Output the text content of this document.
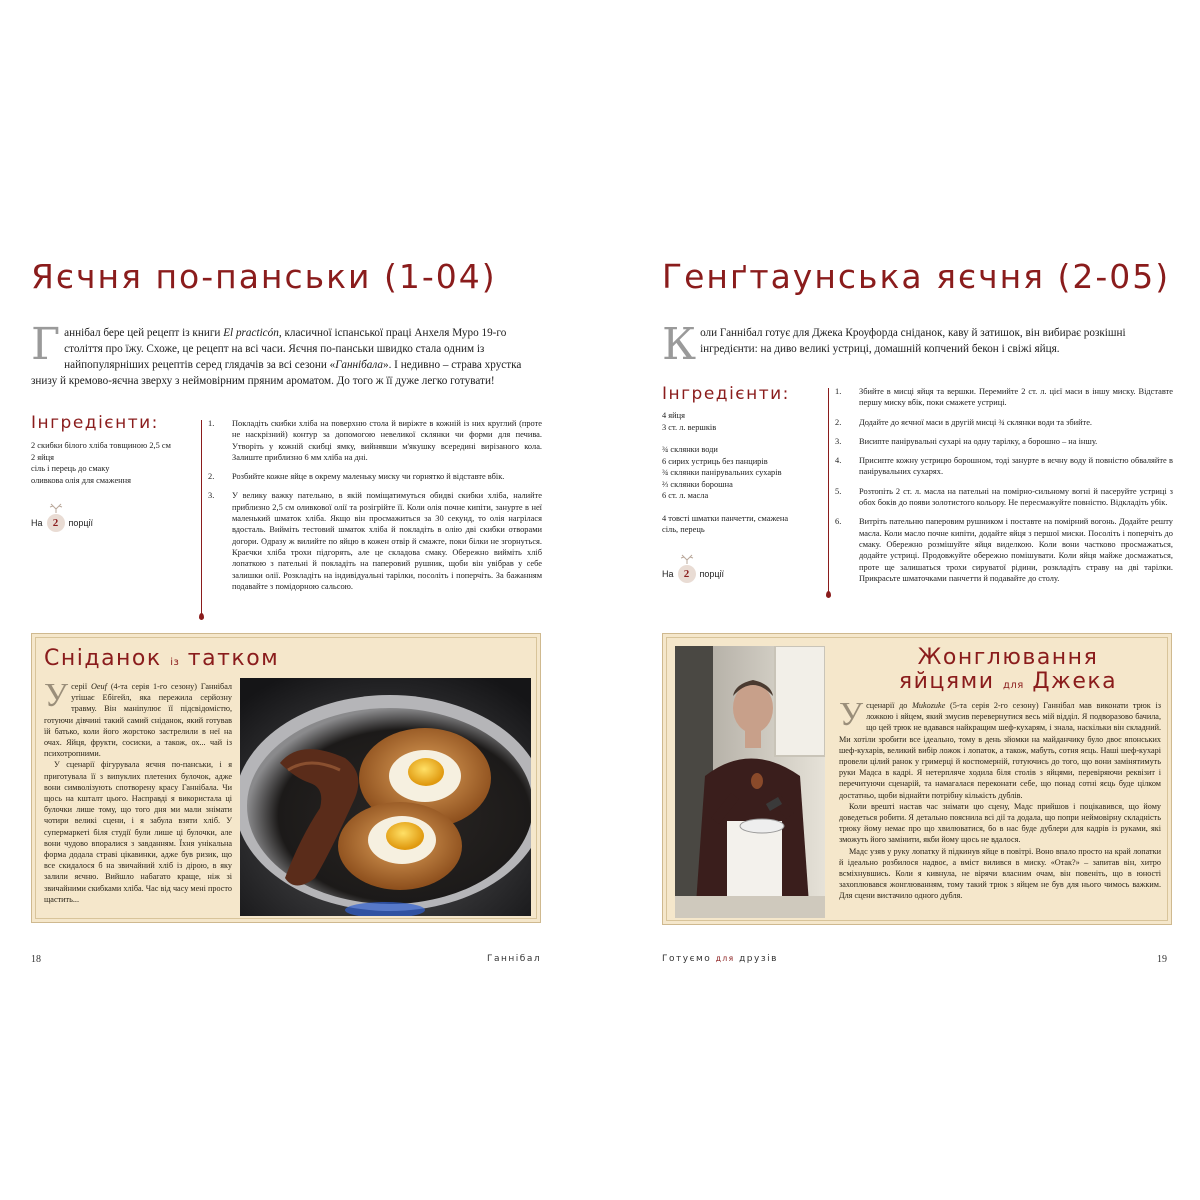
Яєчня по-панськи (1-04)
Ганнібал бере цей рецепт із книги El practicón, класичної іспанської праці Анхеля Муро 19-го століття про їжу. Схоже, це рецепт на всі часи. Яєчня по-панськи швидко стала одним із найпопулярніших рецептів серед глядачів за всі сезони «Ганнібала». І недивно – страва хрустка знизу й кремово-яєчна зверху з неймовірним пряним ароматом. До того ж її дуже легко готувати!
Інгредієнти:
2 скибки білого хліба товщиною 2,5 см
2 яйця
сіль і перець до смаку
оливкова олія для смаження
На 2 порції
1.	Покладіть скибки хліба на поверхню стола й виріжте в кожній із них круглий (проте не наскрізний) контур за допомогою невеликої склянки чи форми для печива. Утворіть у кожній скибці ямку, вийнявши м'якушку всередині вирізаного кола. Залиште приблизно 6 мм хліба на дні.
2.	Розбийте кожне яйце в окрему маленьку миску чи горнятко й відставте вбік.
3.	У велику важку пательню, в якій поміщатимуться обидві скибки хліба, налийте приблизно 2,5 см оливкової олії та розігрійте її. Коли олія почне кипіти, занурте в неї маленький шматок хліба. Якщо він просмажиться за 30 секунд, то олія нагрілася вдосталь. Вийміть тестовий шматок хліба й покладіть в олію дві скибки отворами догори. Одразу ж вилийте по яйцю в кожен отвір й смажте, поки білки не згорнуться. Краєчки хліба трохи підгорять, але це складова смаку. Обережно вийміть хліб лопаткою з пательні й покладіть на паперовий рушник, щоби він увібрав у себе залишки олії. Розкладіть на індивідуальні тарілки, посоліть і поперчіть. За бажанням подавайте з помідорною сальсою.
Сніданок із татком

У серії Oeuf (4-та серія 1-го сезону) Ганнібал утішає Ебігейл, яка пережила серйозну травму. Він маніпулює її підсвідомістю, готуючи дівчині такий самий сніданок, який готував їй батько, коли його жорстоко застрелили в неї на очах. Яйця, фрукти, сосиски, а також, ох... чай із психотропними.

У сценарії фігурувала яєчня по-панськи, і я приготувала її з випуклих плетених булочок, адже вони символізують спотворену красу Ганнібала. Чи щось на кшталт цього. Насправді я використала ці булочки лише тому, що того дня ми мали знімати чотири великі сцени, і я забула взяти хліб. У супермаркеті біля студії були лише ці булочки, але вони чудово впоралися з завданням. Їхня унікальна форма додала страві цікавинки, адже був ризик, що все скидалося б на звичайний хліб із дірою, в яку залили яєчню. Вийшло набагато краще, ніж зі звичайними скибками хліба. Час від часу мені просто щастить...

18	Ганнібал
Генґтаунська яєчня (2-05)
Коли Ганнібал готує для Джека Кроуфорда сніданок, каву й затишок, він вибирає розкішні інгредієнти: на диво великі устриці, домашній копчений бекон і свіжі яйця.
Інгредієнти:
4 яйця
3 ст. л. вершків
¾ склянки води
6 сирих устриць без панцирів
¾ склянки панірувальних сухарів
⅔ склянки борошна
6 ст. л. масла
4 товсті шматки панчетти, смажена
сіль, перець
На 2 порції
1.	Збийте в мисці яйця та вершки. Перемийте 2 ст. л. цієї маси в іншу миску. Відставте першу миску вбік, поки смажете устриці.
2.	Додайте до яєчної маси в другій мисці ¾ склянки води та збийте.
3.	Висипте панірувальні сухарі на одну тарілку, а борошно – на іншу.
4.	Присипте кожну устрицю борошном, тоді занурте в яєчну воду й повністю обваляйте в панірувальних сухарях.
5.	Розтопіть 2 ст. л. масла на пательні на помірно-сильному вогні й пасеруйте устриці з обох боків до появи золотистого кольору. Не пересмажуйте повністю. Відкладіть убік.
6.	Витріть пательню паперовим рушником і поставте на помірний вогонь. Додайте решту масла. Коли масло почне кипіти, додайте яйця з першої миски. Посоліть і поперчіть до смаку. Обережно розмішуйте яйця виделкою. Коли вони частково просмажаться, додайте устриці. Продовжуйте обережно помішувати. Коли яйця майже досмажаться, проте ще залишаться трохи сируватої рідини, розкладіть страву на дві тарілки. Прикрасьте шматочками панчетти й подавайте до столу.
Жонглювання
яйцями для Джека

У сценарії до Mukozuke (5-та серія 2-го сезону) Ганнібал мав виконати трюк із ложкою і яйцем, який змусив перевернутися весь мій відділ. Я подворазово бачила, що цей трюк не вдавався найкращим шеф-кухарям, і знала, наскільки він складний. Ми хотіли зробити все ідеально, тому в день зйомки на майданчику було двоє японських шеф-кухарів, великий вибір ложок і лопаток, а також, мабуть, сотня яєць. Наші шеф-кухарі провели цілий ранок у гримерці й костюмерній, готуючись до того, що вони замінятимуть руки Мадса в кадрі. Я нетерпляче ходила біля столів з яйцями, перевіряючи реквізит і перечитуючи сценарій, та намагалася переконати себе, що понад сотні яєць буде цілком достатньо, щоби віднайти потрібну кількість дублів.

Коли врешті настав час знімати цю сцену, Мадс прийшов і поцікавився, що йому доведеться робити. Я детально пояснила всі дії та додала, що попри неймовірну складність трюку йому немає про що хвилюватися, бо в нас буде дублери для кадрів із руками, які зможуть його замінити, якби йому щось не вдалося.

Мадс узяв у руку лопатку й підкинув яйце в повітрі. Воно впало просто на край лопатки й ідеально розбилося надвоє, а вміст вилився в миску. «Отак?» – запитав він, хитро всміхнувшись. Коли я кивнула, не вірячи власним очам, він повеніть, що в юності захоплювався жонглюванням, тому такий трюк з яйцем не був для нього чимось важким. Для сцени вистачило одного дубля.

Готуємо для друзів	19
